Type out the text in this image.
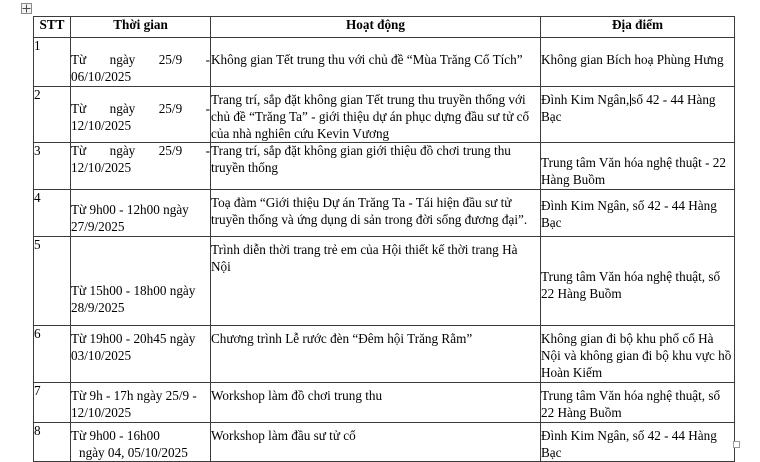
STT	Thời gian	Hoạt động	Địa điểm
1	Từ ngày 25/9 -
06/10/2025	Không gian Tết trung thu với chủ đề “Mùa Trăng Cổ Tích”	Không gian Bích hoạ Phùng Hưng

2	Từ ngày 25/9 -
12/10/2025	Trang trí, sắp đặt không gian Tết trung thu truyền thống với chủ đề “Trăng Ta” - giới thiệu dự án phục dựng đầu sư tử cổ của nhà nghiên cứu Kevin Vương	Đình Kim Ngân, số 42 - 44 Hàng Bạc

3	Từ ngày 25/9 -
12/10/2025	Trang trí, sắp đặt không gian giới thiệu đồ chơi trung thu truyền thống	Trung tâm Văn hóa nghệ thuật - 22 Hàng Buồm

4	Từ 9h00 - 12h00 ngày
27/9/2025	Toạ đàm “Giới thiệu Dự án Trăng Ta - Tái hiện đầu sư tử truyền thống và ứng dụng di sản trong đời sống đương đại”.	Đình Kim Ngân, số 42 - 44 Hàng Bạc

5	Từ 15h00 - 18h00 ngày
28/9/2025	Trình diễn thời trang trẻ em của Hội thiết kế thời trang Hà Nội	Trung tâm Văn hóa nghệ thuật, số 22 Hàng Buồm

6	Từ 19h00 - 20h45 ngày
03/10/2025	Chương trình Lễ rước đèn “Đêm hội Trăng Rằm”	Không gian đi bộ khu phố cổ Hà Nội và không gian đi bộ khu vực hồ Hoàn Kiếm

7	Từ 9h - 17h ngày 25/9 -
12/10/2025	Workshop làm đồ chơi trung thu	Trung tâm Văn hóa nghệ thuật, số 22 Hàng Buồm

8	Từ 9h00 - 16h00
ngày 04, 05/10/2025	Workshop làm đầu sư tử cổ	Đình Kim Ngân, số 42 - 44 Hàng Bạc
